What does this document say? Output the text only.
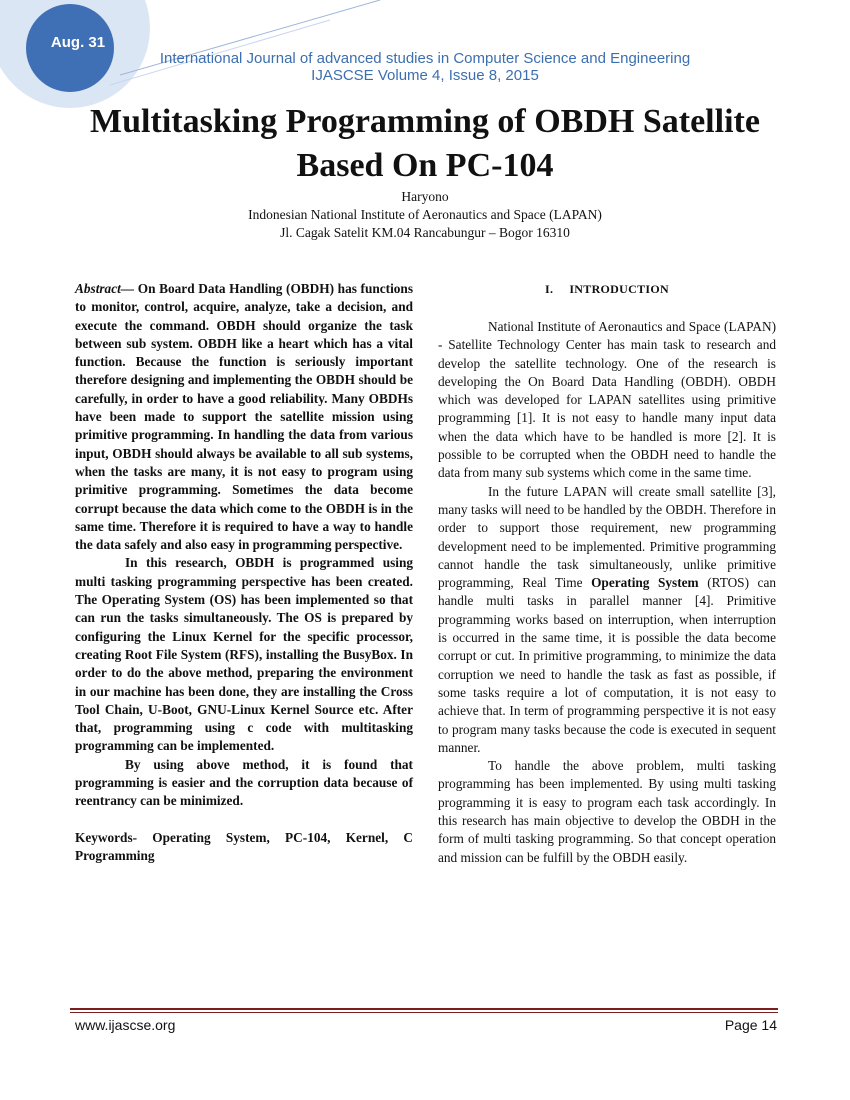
Aug. 31
International Journal of advanced studies in Computer Science and Engineering
IJASCSE Volume 4, Issue 8, 2015
Multitasking Programming of OBDH Satellite
Based On PC-104
Haryono
Indonesian National Institute of Aeronautics and Space (LAPAN)
Jl. Cagak Satelit KM.04 Rancabungur – Bogor 16310

Abstract— On Board Data Handling (OBDH) has functions to monitor, control, acquire, analyze, take a decision, and execute the command. OBDH should organize the task between sub system. OBDH like a heart which has a vital function. Because the function is seriously important therefore designing and implementing the OBDH should be carefully, in order to have a good reliability. Many OBDHs have been made to support the satellite mission using primitive programming. In handling the data from various input, OBDH should always be available to all sub systems, when the tasks are many, it is not easy to program using primitive programming. Sometimes the data become corrupt because the data which come to the OBDH is in the same time. Therefore it is required to have a way to handle the data safely and also easy in programming perspective.

In this research, OBDH is programmed using multi tasking programming perspective has been created. The Operating System (OS) has been implemented so that can run the tasks simultaneously. The OS is prepared by configuring the Linux Kernel for the specific processor, creating Root File System (RFS), installing the BusyBox. In order to do the above method, preparing the environment in our machine has been done, they are installing the Cross Tool Chain, U-Boot, GNU-Linux Kernel Source etc. After that, programming using c code with multitasking programming can be implemented.

By using above method, it is found that programming is easier and the corruption data because of reentrancy can be minimized.

Keywords- Operating System, PC-104, Kernel, C Programming

I. INTRODUCTION

National Institute of Aeronautics and Space (LAPAN) - Satellite Technology Center has main task to research and develop the satellite technology. One of the research is developing the On Board Data Handling (OBDH). OBDH which was developed for LAPAN satellites using primitive programming [1]. It is not easy to handle many input data when the data which have to be handled is more [2]. It is possible to be corrupted when the OBDH need to handle the data from many sub systems which come in the same time.

In the future LAPAN will create small satellite [3], many tasks will need to be handled by the OBDH. Therefore in order to support those requirement, new programming development need to be implemented. Primitive programming cannot handle the task simultaneously, unlike primitive programming, Real Time Operating System (RTOS) can handle multi tasks in parallel manner [4]. Primitive programming works based on interruption, when interruption is occurred in the same time, it is possible the data become corrupt or cut. In primitive programming, to minimize the data corruption we need to handle the task as fast as possible, if some tasks require a lot of computation, it is not easy to achieve that. In term of programming perspective it is not easy to program many tasks because the code is executed in sequent manner.

To handle the above problem, multi tasking programming has been implemented. By using multi tasking programming it is easy to program each task accordingly. In this research has main objective to develop the OBDH in the form of multi tasking programming. So that concept operation and mission can be fulfill by the OBDH easily.

www.ijascse.org	Page 14
